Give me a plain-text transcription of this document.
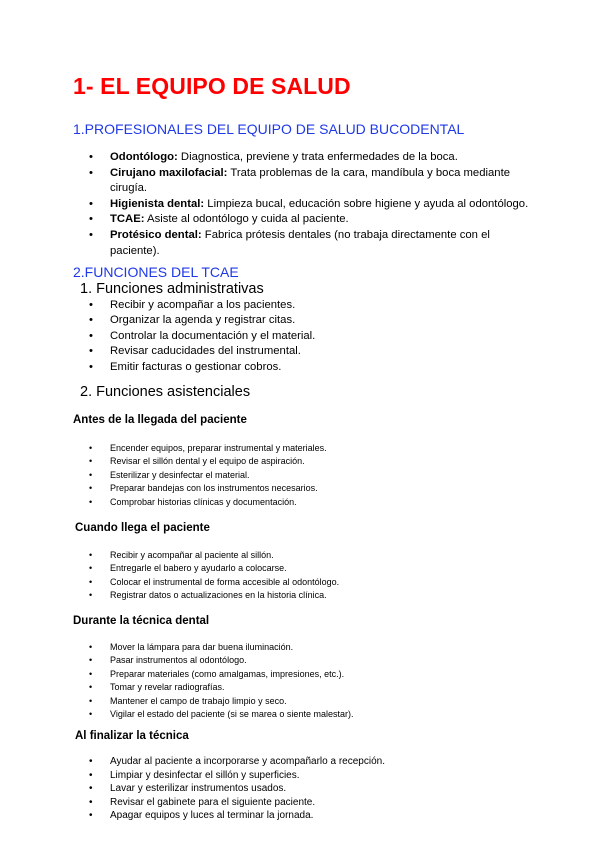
1- EL EQUIPO DE SALUD
1.PROFESIONALES DEL EQUIPO DE SALUD BUCODENTAL
• Odontólogo: Diagnostica, previene y trata enfermedades de la boca.
• Cirujano maxilofacial: Trata problemas de la cara, mandíbula y boca mediante cirugía.
• Higienista dental: Limpieza bucal, educación sobre higiene y ayuda al odontólogo.
• TCAE: Asiste al odontólogo y cuida al paciente.
• Protésico dental: Fabrica prótesis dentales (no trabaja directamente con el paciente).
2.FUNCIONES DEL TCAE
1. Funciones administrativas
• Recibir y acompañar a los pacientes.
• Organizar la agenda y registrar citas.
• Controlar la documentación y el material.
• Revisar caducidades del instrumental.
• Emitir facturas o gestionar cobros.
2. Funciones asistenciales
Antes de la llegada del paciente
• Encender equipos, preparar instrumental y materiales.
• Revisar el sillón dental y el equipo de aspiración.
• Esterilizar y desinfectar el material.
• Preparar bandejas con los instrumentos necesarios.
• Comprobar historias clínicas y documentación.
Cuando llega el paciente
• Recibir y acompañar al paciente al sillón.
• Entregarle el babero y ayudarlo a colocarse.
• Colocar el instrumental de forma accesible al odontólogo.
• Registrar datos o actualizaciones en la historia clínica.
Durante la técnica dental
• Mover la lámpara para dar buena iluminación.
• Pasar instrumentos al odontólogo.
• Preparar materiales (como amalgamas, impresiones, etc.).
• Tomar y revelar radiografías.
• Mantener el campo de trabajo limpio y seco.
• Vigilar el estado del paciente (si se marea o siente malestar).
Al finalizar la técnica
• Ayudar al paciente a incorporarse y acompañarlo a recepción.
• Limpiar y desinfectar el sillón y superficies.
• Lavar y esterilizar instrumentos usados.
• Revisar el gabinete para el siguiente paciente.
• Apagar equipos y luces al terminar la jornada.
